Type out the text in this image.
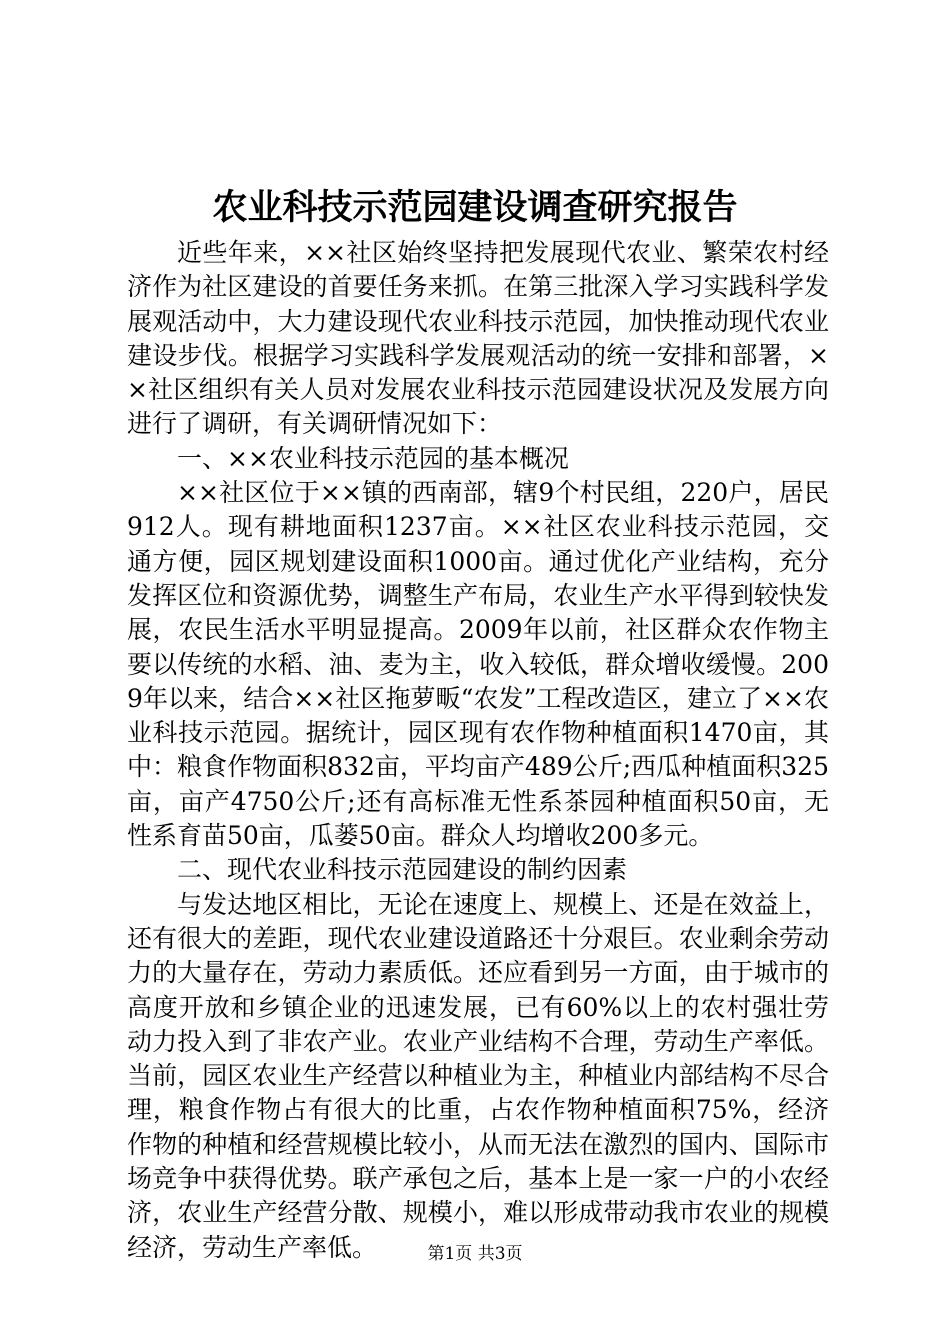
农业科技示范园建设调查研究报告

近些年来，××社区始终坚持把发展现代农业、繁荣农村经济作为社区建设的首要任务来抓。在第三批深入学习实践科学发展观活动中，大力建设现代农业科技示范园，加快推动现代农业建设步伐。根据学习实践科学发展观活动的统一安排和部署，××社区组织有关人员对发展农业科技示范园建设状况及发展方向进行了调研，有关调研情况如下：

一、××农业科技示范园的基本概况

××社区位于××镇的西南部，辖9个村民组，220户，居民912人。现有耕地面积1237亩。××社区农业科技示范园，交通方便，园区规划建设面积1000亩。通过优化产业结构，充分发挥区位和资源优势，调整生产布局，农业生产水平得到较快发展，农民生活水平明显提高。2009年以前，社区群众农作物主要以传统的水稻、油、麦为主，收入较低，群众增收缓慢。2009年以来，结合××社区拖萝畈“农发”工程改造区，建立了××农业科技示范园。据统计，园区现有农作物种植面积1470亩，其中：粮食作物面积832亩，平均亩产489公斤;西瓜种植面积325亩，亩产4750公斤;还有高标准无性系茶园种植面积50亩，无性系育苗50亩，瓜蒌50亩。群众人均增收200多元。

二、现代农业科技示范园建设的制约因素

与发达地区相比，无论在速度上、规模上、还是在效益上，还有很大的差距，现代农业建设道路还十分艰巨。农业剩余劳动力的大量存在，劳动力素质低。还应看到另一方面，由于城市的高度开放和乡镇企业的迅速发展，已有60%以上的农村强壮劳动力投入到了非农产业。农业产业结构不合理，劳动生产率低。当前，园区农业生产经营以种植业为主，种植业内部结构不尽合理，粮食作物占有很大的比重，占农作物种植面积75%，经济作物的种植和经营规模比较小，从而无法在激烈的国内、国际市场竞争中获得优势。联产承包之后，基本上是一家一户的小农经济，农业生产经营分散、规模小，难以形成带动我市农业的规模经济，劳动生产率低。	第1页 共3页
